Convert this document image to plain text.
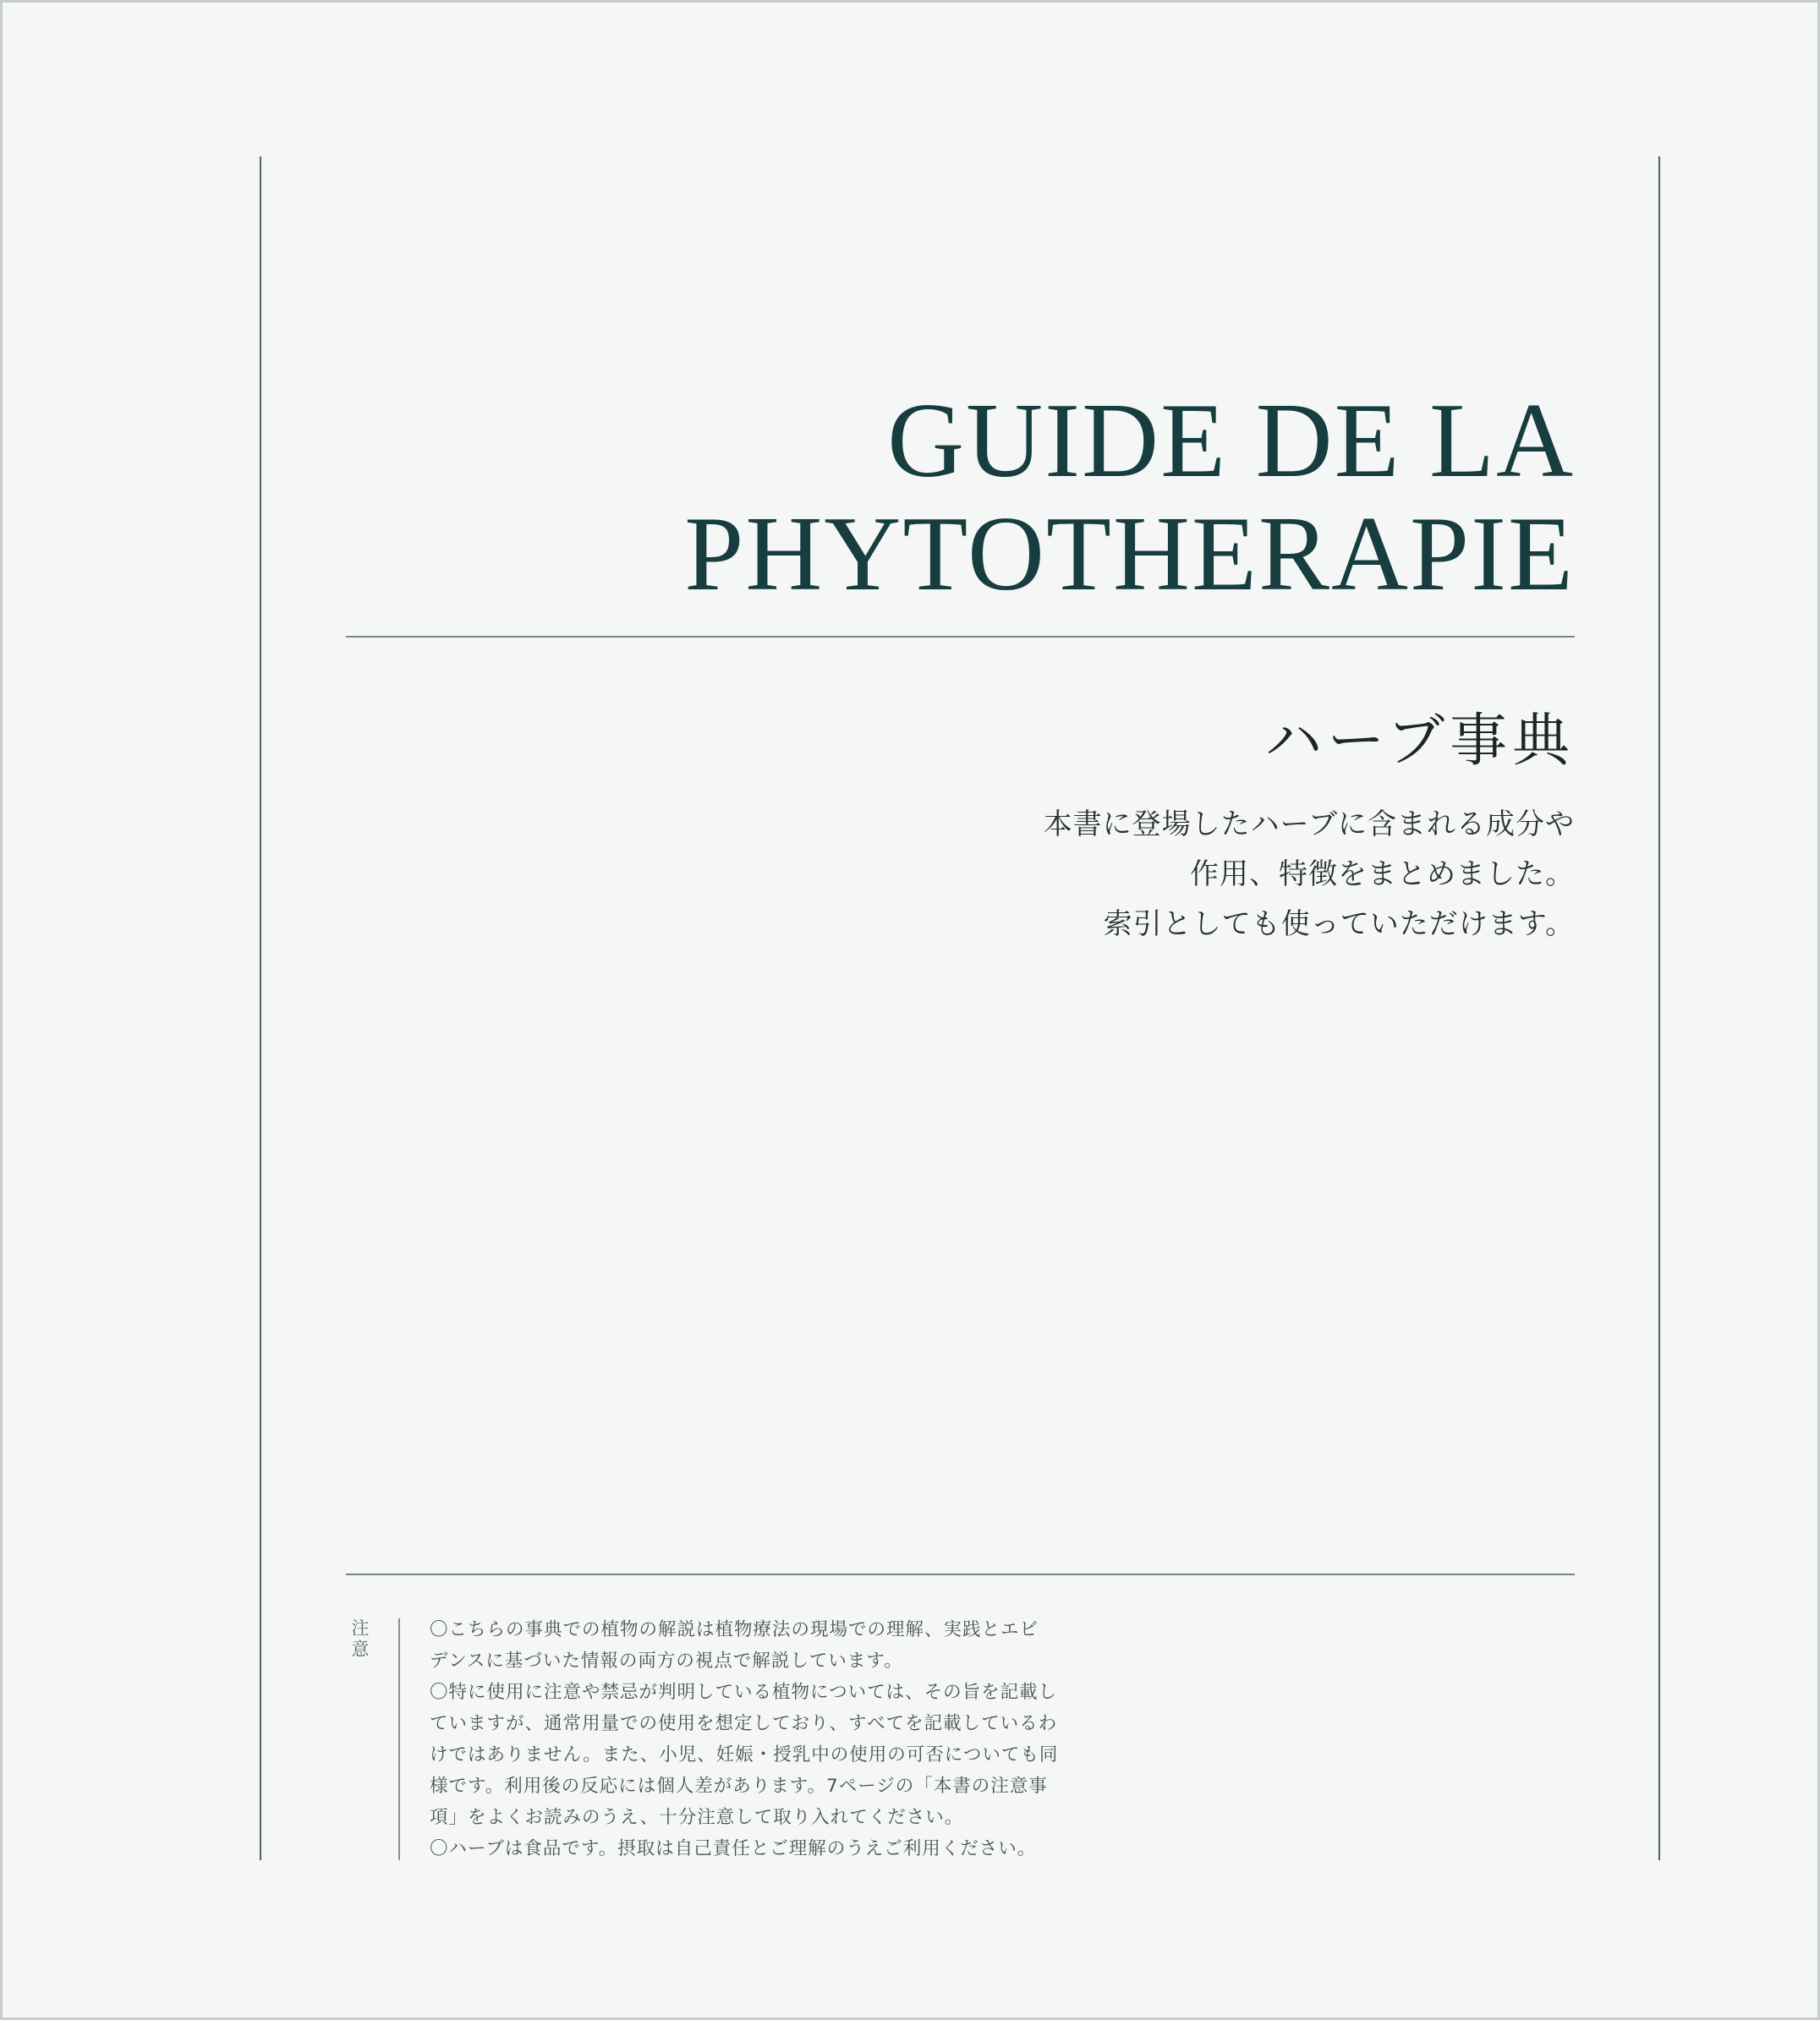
GUIDE DE LA
PHYTOTHERAPIE
ハーブ事典
本書に登場したハーブに含まれる成分や
作用、特徴をまとめました。
索引としても使っていただけます。
注意	〇こちらの事典での植物の解説は植物療法の現場での理解、実践とエビ
デンスに基づいた情報の両方の視点で解説しています。
〇特に使用に注意や禁忌が判明している植物については、その旨を記載し
ていますが、通常用量での使用を想定しており、すべてを記載しているわ
けではありません。また、小児、妊娠・授乳中の使用の可否についても同
様です。利用後の反応には個人差があります。7ページの「本書の注意事
項」をよくお読みのうえ、十分注意して取り入れてください。
〇ハーブは食品です。摂取は自己責任とご理解のうえご利用ください。
